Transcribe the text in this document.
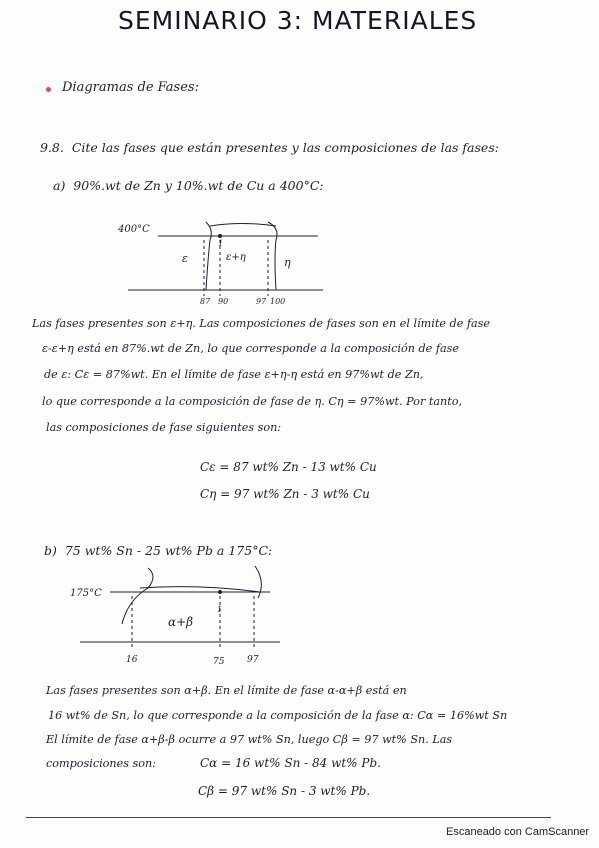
SEMINARIO 3: MATERIALES
Diagramas de Fases:
9.8. Cite las fases que están presentes y las composiciones de las fases:
a) 90%.wt de Zn y 10%.wt de Cu a 400°C:
400°C
ε	ε+η	η
1
87 90	97 100
Las fases presentes son ε+η. Las composiciones de fases son en el límite de fase
ε-ε+η está en 87%.wt de Zn, lo que corresponde a la composición de fase
de ε: Cε = 87%wt. En el límite de fase ε+η-η está en 97%wt de Zn,
lo que corresponde a la composición de fase de η. Cη = 97%wt. Por tanto,
las composiciones de fase siguientes son:
Cε = 87 wt% Zn - 13 wt% Cu
Cη = 97 wt% Zn - 3 wt% Cu
b) 75 wt% Sn - 25 wt% Pb a 175°C:
175°C
α+β
1
16	75	97
Las fases presentes son α+β. En el límite de fase α-α+β está en
16 wt% de Sn, lo que corresponde a la composición de la fase α: Cα = 16%wt Sn
El límite de fase α+β-β ocurre a 97 wt% Sn, luego Cβ = 97 wt% Sn. Las
composiciones son:	Cα = 16 wt% Sn - 84 wt% Pb.
Cβ = 97 wt% Sn - 3 wt% Pb.
Escaneado con CamScanner
